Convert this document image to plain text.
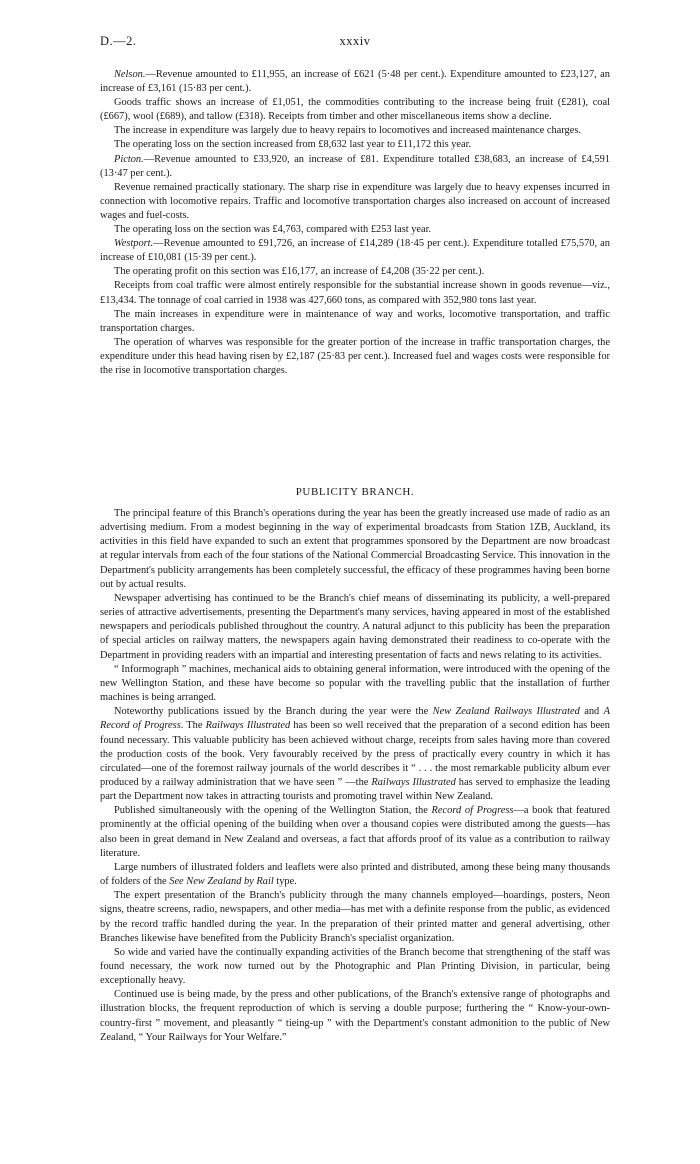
D.—2.	xxxiv

Nelson.—Revenue amounted to £11,955, an increase of £621 (5·48 per cent.). Expenditure amounted to £23,127, an increase of £3,161 (15·83 per cent.).

Goods traffic shows an increase of £1,051, the commodities contributing to the increase being fruit (£281), coal (£667), wool (£689), and tallow (£318). Receipts from timber and other miscellaneous items show a decline.

The increase in expenditure was largely due to heavy repairs to locomotives and increased maintenance charges.

The operating loss on the section increased from £8,632 last year to £11,172 this year.

Picton.—Revenue amounted to £33,920, an increase of £81. Expenditure totalled £38,683, an increase of £4,591 (13·47 per cent.).

Revenue remained practically stationary. The sharp rise in expenditure was largely due to heavy expenses incurred in connection with locomotive repairs. Traffic and locomotive transportation charges also increased on account of increased wages and fuel-costs.

The operating loss on the section was £4,763, compared with £253 last year.

Westport.—Revenue amounted to £91,726, an increase of £14,289 (18·45 per cent.). Expenditure totalled £75,570, an increase of £10,081 (15·39 per cent.).

The operating profit on this section was £16,177, an increase of £4,208 (35·22 per cent.).

Receipts from coal traffic were almost entirely responsible for the substantial increase shown in goods revenue—viz., £13,434. The tonnage of coal carried in 1938 was 427,660 tons, as compared with 352,980 tons last year.

The main increases in expenditure were in maintenance of way and works, locomotive transportation, and traffic transportation charges.

The operation of wharves was responsible for the greater portion of the increase in traffic transportation charges, the expenditure under this head having risen by £2,187 (25·83 per cent.). Increased fuel and wages costs were responsible for the rise in locomotive transportation charges.

PUBLICITY BRANCH.

The principal feature of this Branch's operations during the year has been the greatly increased use made of radio as an advertising medium. From a modest beginning in the way of experimental broadcasts from Station 1ZB, Auckland, its activities in this field have expanded to such an extent that programmes sponsored by the Department are now broadcast at regular intervals from each of the four stations of the National Commercial Broadcasting Service. This innovation in the Department's publicity arrangements has been completely successful, the efficacy of these programmes having been borne out by actual results.

Newspaper advertising has continued to be the Branch's chief means of disseminating its publicity, a well-prepared series of attractive advertisements, presenting the Department's many services, having appeared in most of the established newspapers and periodicals published throughout the country. A natural adjunct to this publicity has been the preparation of special articles on railway matters, the newspapers again having demonstrated their readiness to co-operate with the Department in providing readers with an impartial and interesting presentation of facts and news relating to its activities.

“ Informograph ” machines, mechanical aids to obtaining general information, were introduced with the opening of the new Wellington Station, and these have become so popular with the travelling public that the installation of further machines is being arranged.

Noteworthy publications issued by the Branch during the year were the New Zealand Railways Illustrated and A Record of Progress. The Railways Illustrated has been so well received that the preparation of a second edition has been found necessary. This valuable publicity has been achieved without charge, receipts from sales having more than covered the production costs of the book. Very favourably received by the press of practically every country in which it has circulated—one of the foremost railway journals of the world describes it “ . . . the most remarkable publicity album ever produced by a railway administration that we have seen ” —the Railways Illustrated has served to emphasize the leading part the Department now takes in attracting tourists and promoting travel within New Zealand.

Published simultaneously with the opening of the Wellington Station, the Record of Progress—a book that featured prominently at the official opening of the building when over a thousand copies were distributed among the guests—has also been in great demand in New Zealand and overseas, a fact that affords proof of its value as a contribution to railway literature.

Large numbers of illustrated folders and leaflets were also printed and distributed, among these being many thousands of folders of the See New Zealand by Rail type.

The expert presentation of the Branch's publicity through the many channels employed—hoardings, posters, Neon signs, theatre screens, radio, newspapers, and other media—has met with a definite response from the public, as evidenced by the record traffic handled during the year. In the preparation of their printed matter and general advertising, other Branches likewise have benefited from the Publicity Branch's specialist organization.

So wide and varied have the continually expanding activities of the Branch become that strengthening of the staff was found necessary, the work now turned out by the Photographic and Plan Printing Division, in particular, being exceptionally heavy.

Continued use is being made, by the press and other publications, of the Branch's extensive range of photographs and illustration blocks, the frequent reproduction of which is serving a double purpose; furthering the “ Know-your-own-country-first ” movement, and pleasantly “ tieing-up ” with the Department's constant admonition to the public of New Zealand, “ Your Railways for Your Welfare.”
